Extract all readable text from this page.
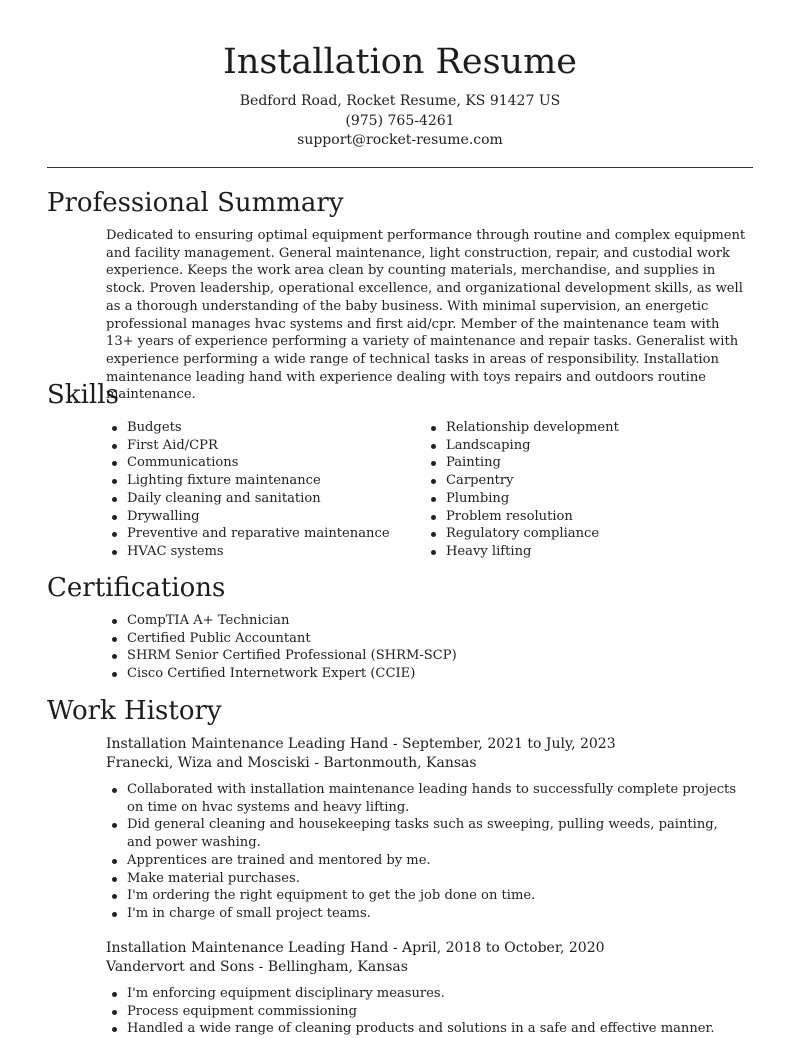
Installation Resume
Bedford Road, Rocket Resume, KS 91427 US
(975) 765-4261
support@rocket-resume.com
Professional Summary

Dedicated to ensuring optimal equipment performance through routine and complex equipment and facility management. General maintenance, light construction, repair, and custodial work experience. Keeps the work area clean by counting materials, merchandise, and supplies in stock. Proven leadership, operational excellence, and organizational development skills, as well as a thorough understanding of the baby business. With minimal supervision, an energetic professional manages hvac systems and first aid/cpr. Member of the maintenance team with 13+ years of experience performing a variety of maintenance and repair tasks. Generalist with experience performing a wide range of technical tasks in areas of responsibility. Installation maintenance leading hand with experience dealing with toys repairs and outdoors routine maintenance.

Skills
Budgets
First Aid/CPR
Communications
Lighting fixture maintenance
Daily cleaning and sanitation
Drywalling
Preventive and reparative maintenance
HVAC systems
Relationship development
Landscaping
Painting
Carpentry
Plumbing
Problem resolution
Regulatory compliance
Heavy lifting
Certifications
CompTIA A+ Technician
Certified Public Accountant
SHRM Senior Certified Professional (SHRM-SCP)
Cisco Certified Internetwork Expert (CCIE)
Work History

Installation Maintenance Leading Hand - September, 2021 to July, 2023

Franecki, Wiza and Mosciski - Bartonmouth, Kansas

Collaborated with installation maintenance leading hands to successfully complete projects on time on hvac systems and heavy lifting.
Did general cleaning and housekeeping tasks such as sweeping, pulling weeds, painting, and power washing.
Apprentices are trained and mentored by me.
Make material purchases.
I'm ordering the right equipment to get the job done on time.
I'm in charge of small project teams.

Installation Maintenance Leading Hand - April, 2018 to October, 2020

Vandervort and Sons - Bellingham, Kansas

I'm enforcing equipment disciplinary measures.
Process equipment commissioning
Handled a wide range of cleaning products and solutions in a safe and effective manner.
